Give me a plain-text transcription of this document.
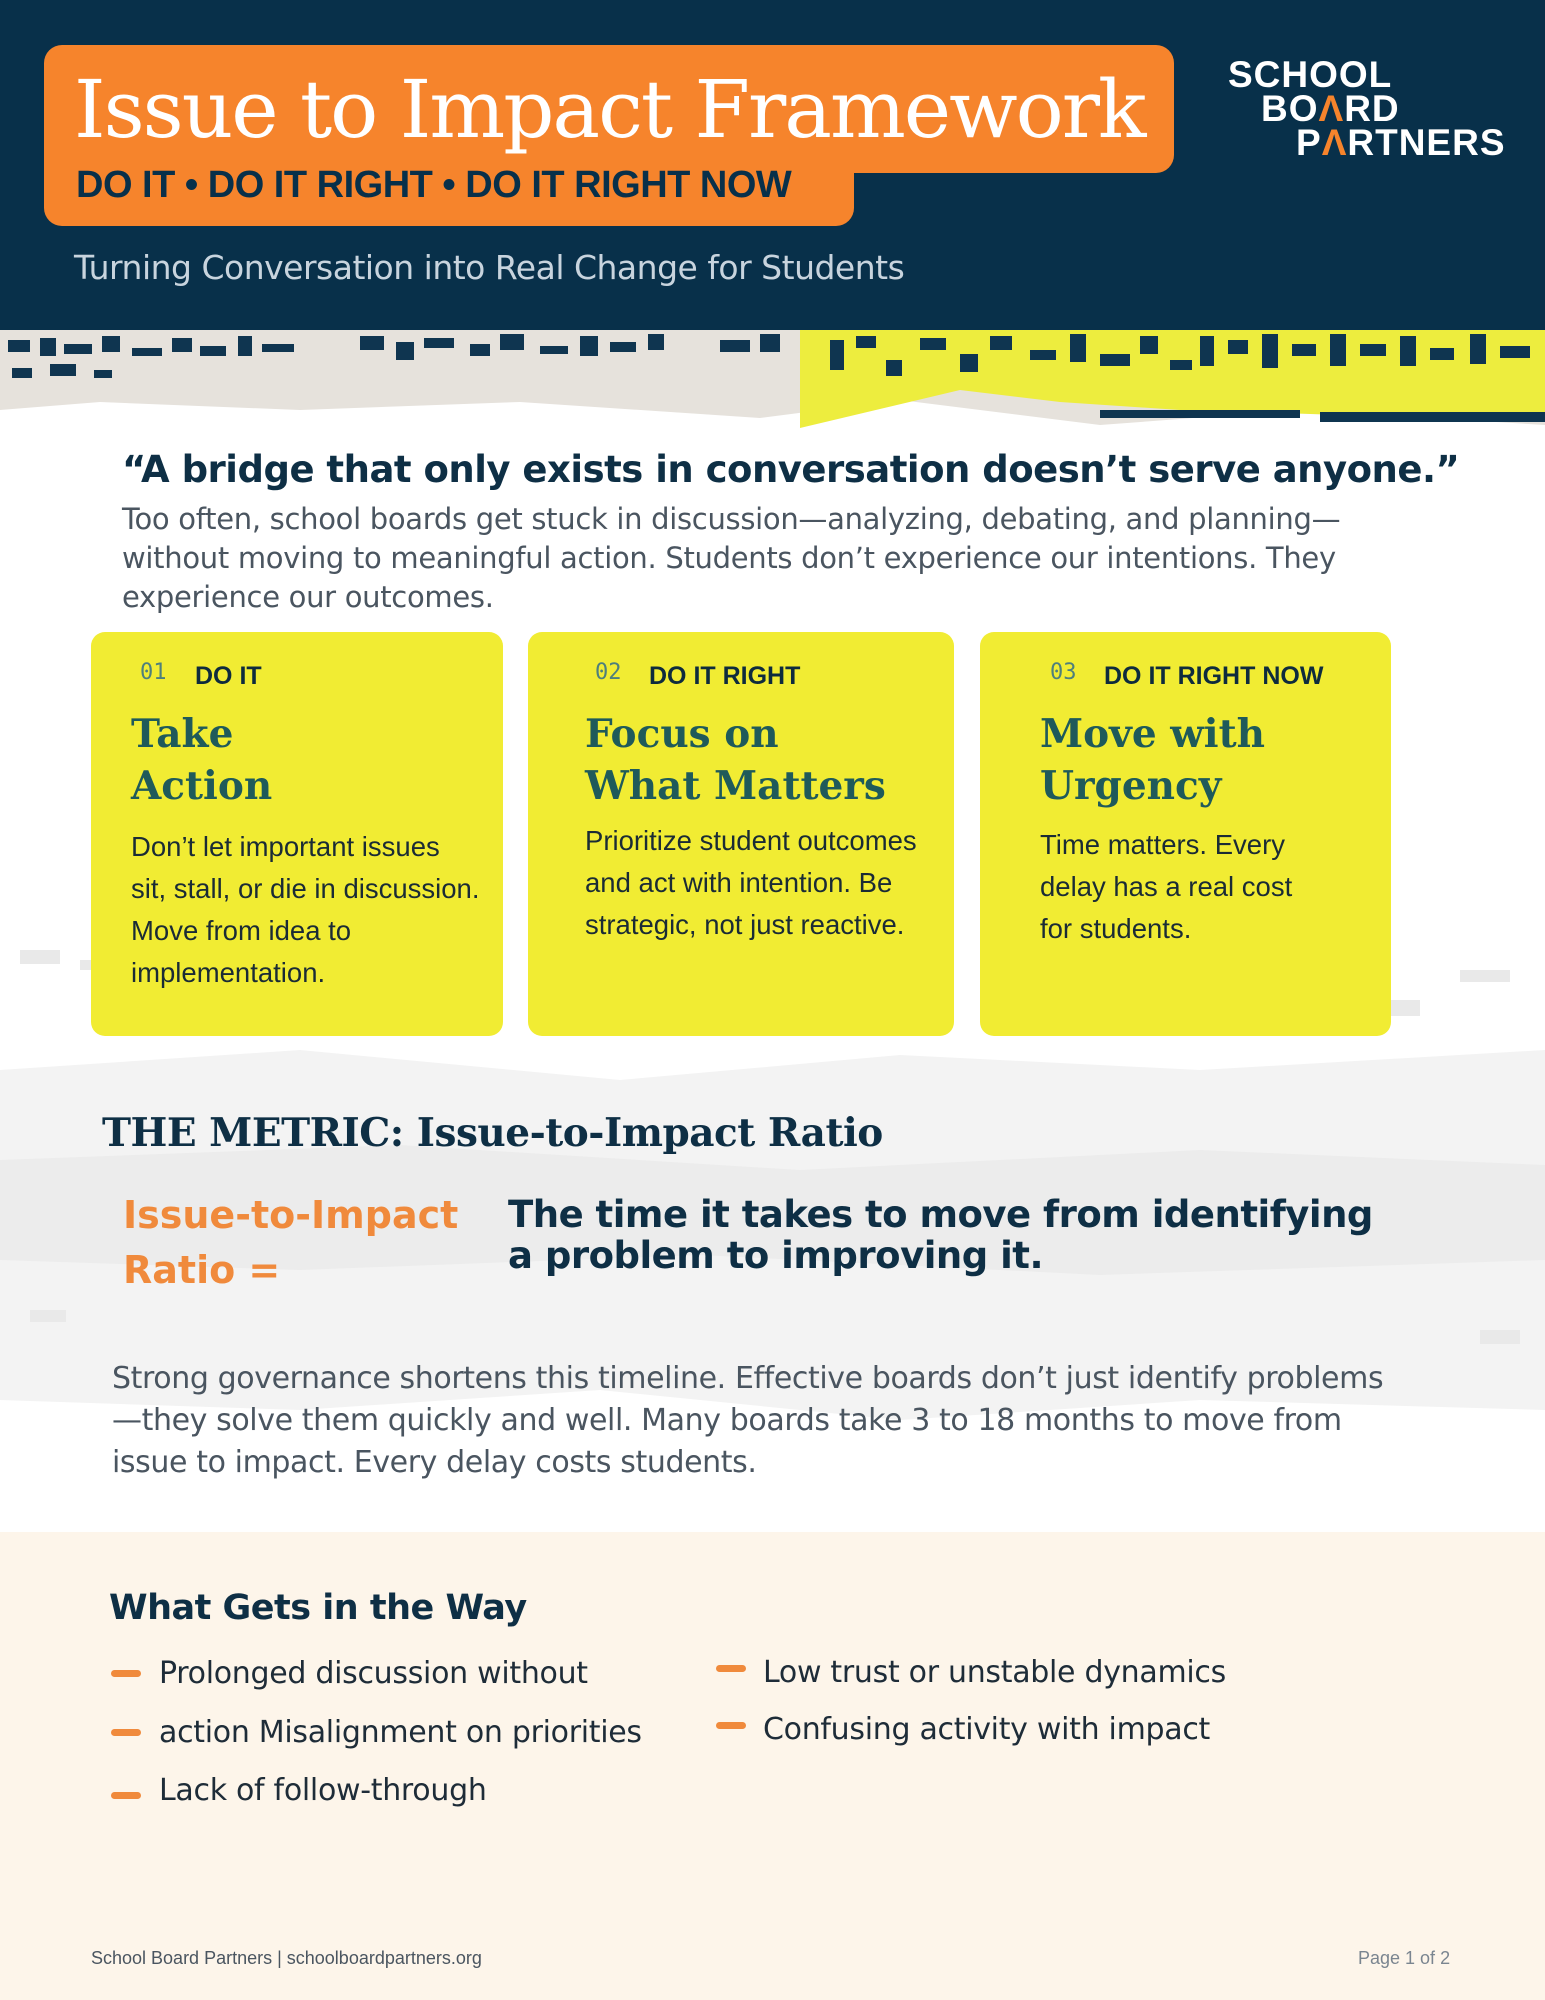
Issue to Impact Framework
DO IT • DO IT RIGHT • DO IT RIGHT NOW
Turning Conversation into Real Change for Students
SCHOOL
BOΛRD
PΛRTNERS
“A bridge that only exists in conversation doesn’t serve anyone.”
Too often, school boards get stuck in discussion—analyzing, debating, and planning—without moving to meaningful action. Students don’t experience our intentions. They experience our outcomes.
01 DO IT
Take
Action
Don’t let important issues sit, stall, or die in discussion. Move from idea to implementation.
02 DO IT RIGHT
Focus on
What Matters
Prioritize student outcomes and act with intention. Be strategic, not just reactive.
03 DO IT RIGHT NOW
Move with
Urgency
Time matters. Every delay has a real cost for students.
THE METRIC: Issue-to-Impact Ratio
Issue-to-Impact Ratio =
The time it takes to move from identifying a problem to improving it.
Strong governance shortens this timeline. Effective boards don’t just identify problems—they solve them quickly and well. Many boards take 3 to 18 months to move from issue to impact. Every delay costs students.
What Gets in the Way
Prolonged discussion without
action Misalignment on priorities
Lack of follow-through
Low trust or unstable dynamics
Confusing activity with impact
School Board Partners | schoolboardpartners.org	Page 1 of 2
